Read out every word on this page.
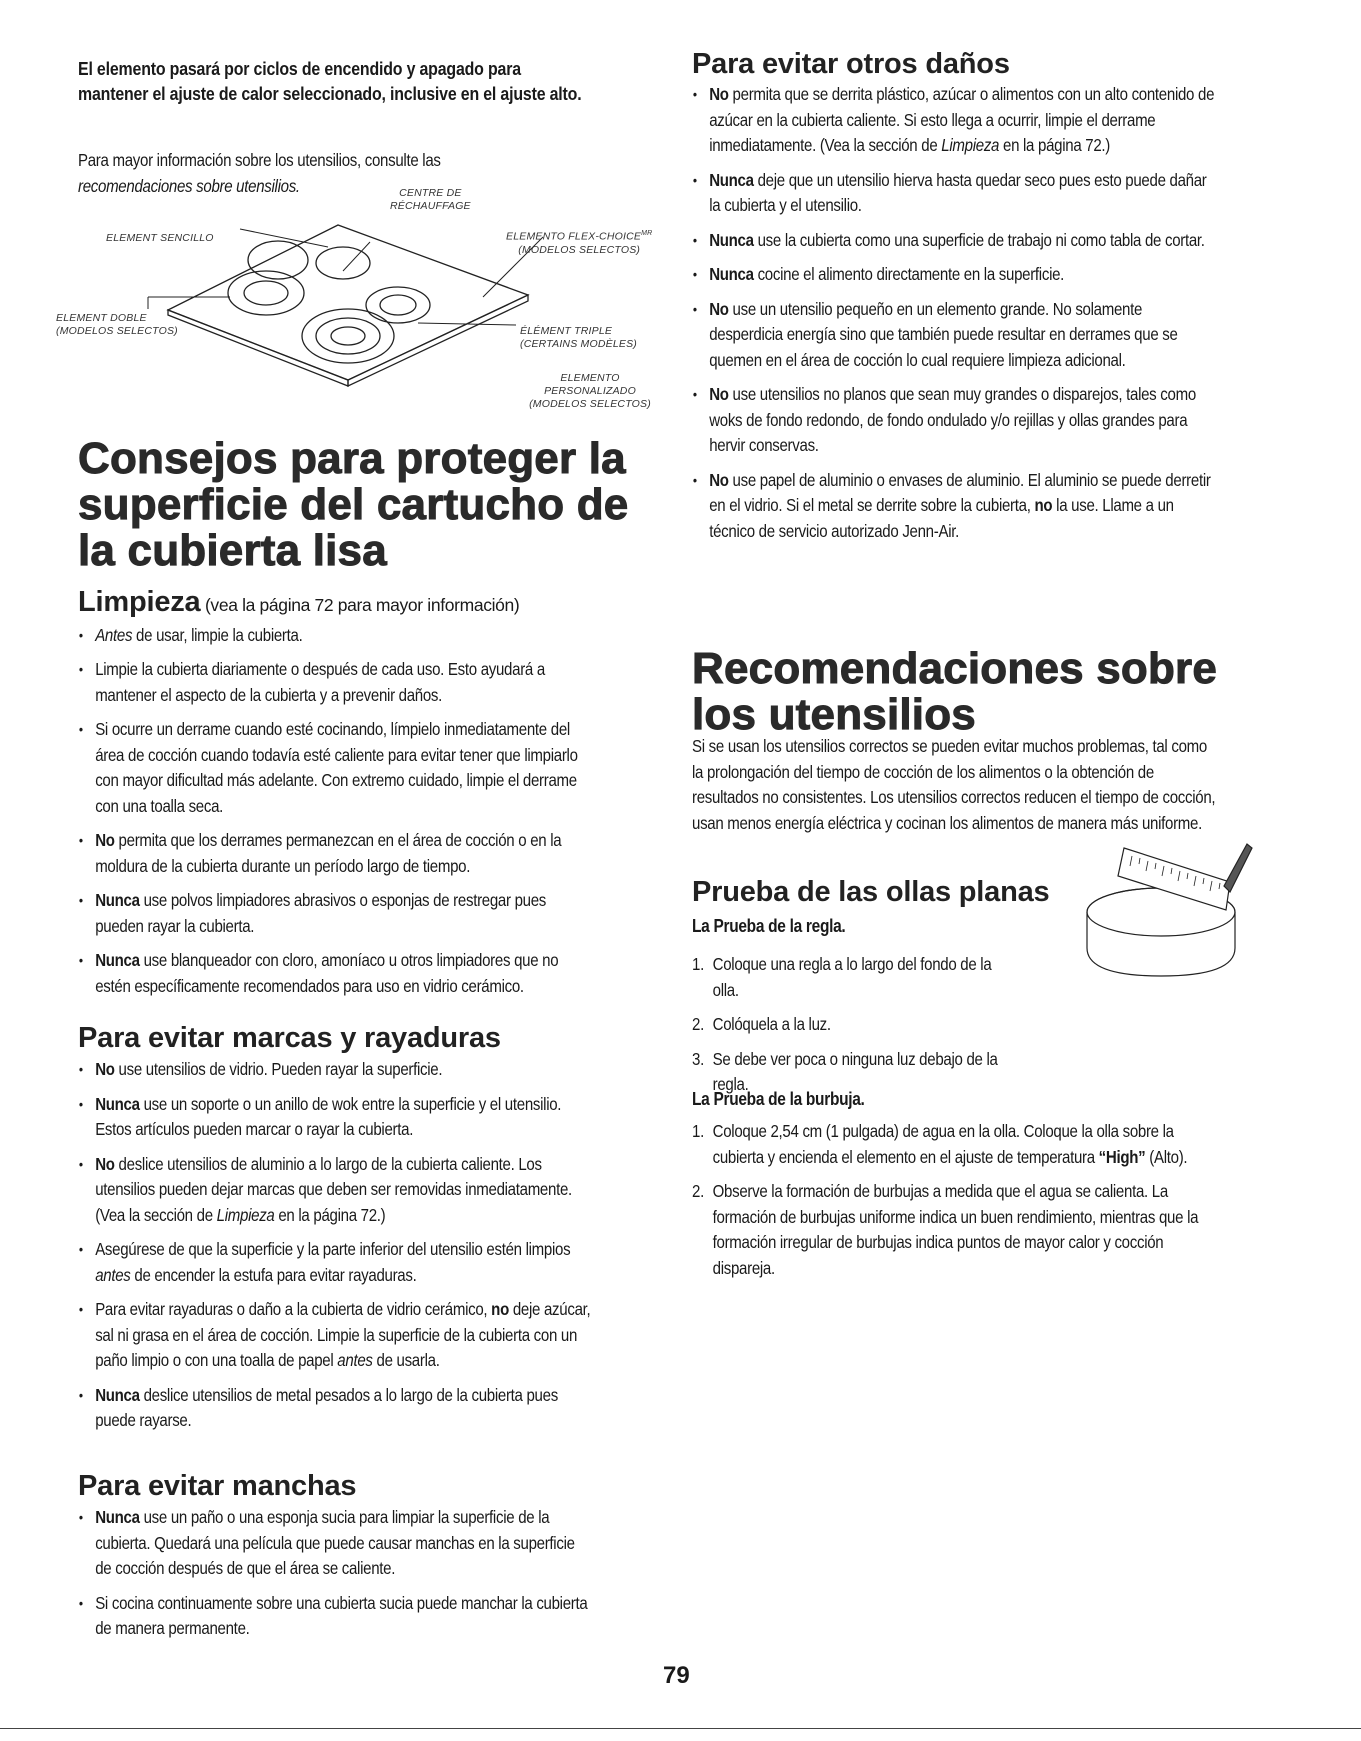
El elemento pasará por ciclos de encendido y apagado para mantener el ajuste de calor seleccionado, inclusive en el ajuste alto.
Para mayor información sobre los utensilios, consulte las
recomendaciones sobre utensilios.	CENTRE DE
RÉCHAUFFAGE
ELEMENT SENCILLO	ELEMENTO FLEX-$CHOICE^{MR}$
(MODELOS SELECTOS)
ELEMENT DOBLE
(MODELOS SELECTOS)	ÉLÉMENT TRIPLE
(CERTAINS MODÈLES)
ELEMENTO
PERSONALIZADO
(MODELOS SELECTOS)
Consejos para proteger la superficie del cartucho de la cubierta lisa
Limpieza (vea la página 72 para mayor información)
• Antes de usar, limpie la cubierta.
• Limpie la cubierta diariamente o después de cada uso. Esto ayudará a mantener el aspecto de la cubierta y a prevenir daños.
• Si ocurre un derrame cuando esté cocinando, límpielo inmediatamente del área de cocción cuando todavía esté caliente para evitar tener que limpiarlo con mayor dificultad más adelante. Con extremo cuidado, limpie el derrame con una toalla seca.
• No permita que los derrames permanezcan en el área de cocción o en la moldura de la cubierta durante un período largo de tiempo.
• Nunca use polvos limpiadores abrasivos o esponjas de restregar pues pueden rayar la cubierta.
• Nunca use blanqueador con cloro, amoníaco u otros limpiadores que no estén específicamente recomendados para uso en vidrio cerámico.
Para evitar marcas y rayaduras
• No use utensilios de vidrio. Pueden rayar la superficie.
• Nunca use un soporte o un anillo de wok entre la superficie y el utensilio. Estos artículos pueden marcar o rayar la cubierta.
• No deslice utensilios de aluminio a lo largo de la cubierta caliente. Los utensilios pueden dejar marcas que deben ser removidas inmediatamente. (Vea la sección de Limpieza en la página 72.)
• Asegúrese de que la superficie y la parte inferior del utensilio estén limpios antes de encender la estufa para evitar rayaduras.
• Para evitar rayaduras o daño a la cubierta de vidrio cerámico, no deje azúcar, sal ni grasa en el área de cocción. Limpie la superficie de la cubierta con un paño limpio o con una toalla de papel antes de usarla.
• Nunca deslice utensilios de metal pesados a lo largo de la cubierta pues puede rayarse.
Para evitar manchas
• Nunca use un paño o una esponja sucia para limpiar la superficie de la cubierta. Quedará una película que puede causar manchas en la superficie de cocción después de que el área se caliente.
• Si cocina continuamente sobre una cubierta sucia puede manchar la cubierta de manera permanente.
Para evitar otros daños
• No permita que se derrita plástico, azúcar o alimentos con un alto contenido de azúcar en la cubierta caliente. Si esto llega a ocurrir, limpie el derrame inmediatamente. (Vea la sección de Limpieza en la página 72.)
• Nunca deje que un utensilio hierva hasta quedar seco pues esto puede dañar la cubierta y el utensilio.
• Nunca use la cubierta como una superficie de trabajo ni como tabla de cortar.
• Nunca cocine el alimento directamente en la superficie.
• No use un utensilio pequeño en un elemento grande. No solamente desperdicia energía sino que también puede resultar en derrames que se quemen en el área de cocción lo cual requiere limpieza adicional.
• No use utensilios no planos que sean muy grandes o disparejos, tales como woks de fondo redondo, de fondo ondulado y/o rejillas y ollas grandes para hervir conservas.
• No use papel de aluminio o envases de aluminio. El aluminio se puede derretir en el vidrio. Si el metal se derrite sobre la cubierta, no la use. Llame a un técnico de servicio autorizado Jenn-Air.
Recomendaciones sobre los utensilios
Si se usan los utensilios correctos se pueden evitar muchos problemas, tal como la prolongación del tiempo de cocción de los alimentos o la obtención de resultados no consistentes. Los utensilios correctos reducen el tiempo de cocción, usan menos energía eléctrica y cocinan los alimentos de manera más uniforme.
Prueba de las ollas planas
La Prueba de la regla.
1. Coloque una regla a lo largo del fondo de la olla.
2. Colóquela a la luz.
3. Se debe ver poca o ninguna luz debajo de la regla.
La Prueba de la burbuja.
1. Coloque 2,54 cm (1 pulgada) de agua en la olla. Coloque la olla sobre la cubierta y encienda el elemento en el ajuste de temperatura “High” (Alto).
2. Observe la formación de burbujas a medida que el agua se calienta. La formación de burbujas uniforme indica un buen rendimiento, mientras que la formación irregular de burbujas indica puntos de mayor calor y cocción dispareja.
79
